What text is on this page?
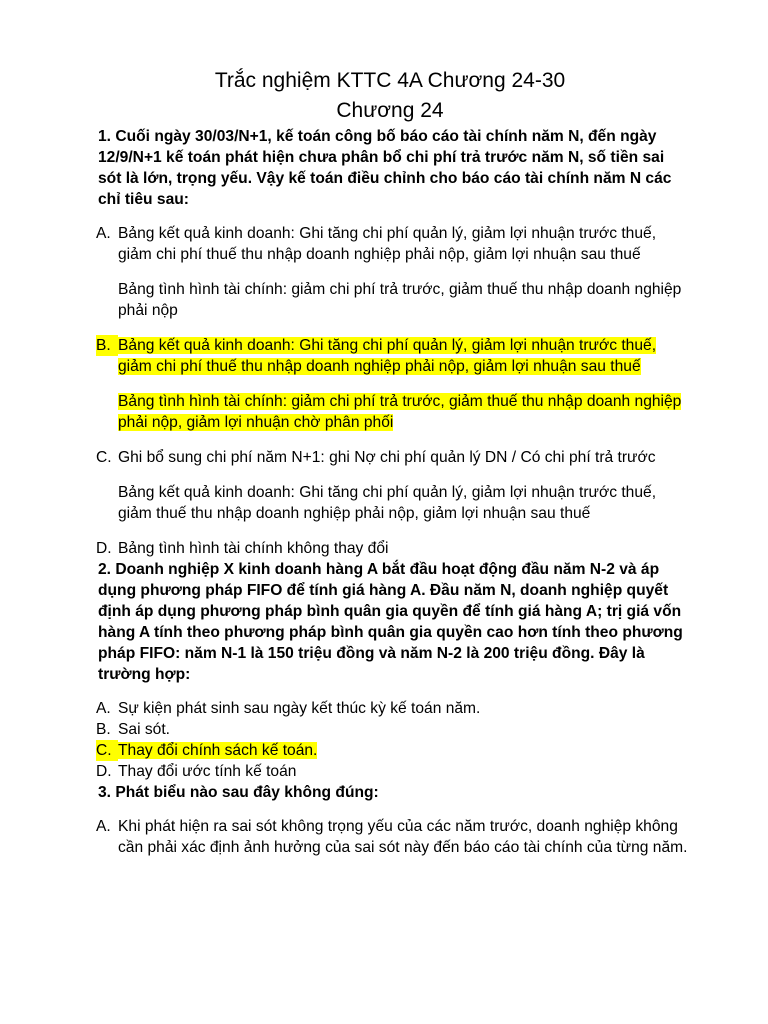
Trắc nghiệm KTTC 4A Chương 24-30
Chương 24

1. Cuối ngày 30/03/N+1, kế toán công bố báo cáo tài chính năm N, đến ngày 12/9/N+1 kế toán phát hiện chưa phân bổ chi phí trả trước năm N, số tiền sai sót là lớn, trọng yếu. Vậy kế toán điều chỉnh cho báo cáo tài chính năm N các chỉ tiêu sau:

A. Bảng kết quả kinh doanh: Ghi tăng chi phí quản lý, giảm lợi nhuận trước thuế, giảm chi phí thuế thu nhập doanh nghiệp phải nộp, giảm lợi nhuận sau thuế
Bảng tình hình tài chính: giảm chi phí trả trước, giảm thuế thu nhập doanh nghiệp phải nộp
B. Bảng kết quả kinh doanh: Ghi tăng chi phí quản lý, giảm lợi nhuận trước thuế, giảm chi phí thuế thu nhập doanh nghiệp phải nộp, giảm lợi nhuận sau thuế
Bảng tình hình tài chính: giảm chi phí trả trước, giảm thuế thu nhập doanh nghiệp phải nộp, giảm lợi nhuận chờ phân phối
C. Ghi bổ sung chi phí năm N+1: ghi Nợ chi phí quản lý DN / Có chi phí trả trước
Bảng kết quả kinh doanh: Ghi tăng chi phí quản lý, giảm lợi nhuận trước thuế, giảm thuế thu nhập doanh nghiệp phải nộp, giảm lợi nhuận sau thuế
D. Bảng tình hình tài chính không thay đổi

2. Doanh nghiệp X kinh doanh hàng A bắt đầu hoạt động đầu năm N-2 và áp dụng phương pháp FIFO để tính giá hàng A. Đầu năm N, doanh nghiệp quyết định áp dụng phương pháp bình quân gia quyền để tính giá hàng A; trị giá vốn hàng A tính theo phương pháp bình quân gia quyền cao hơn tính theo phương pháp FIFO: năm N-1 là 150 triệu đồng và năm N-2 là 200 triệu đồng. Đây là trường hợp:

A. Sự kiện phát sinh sau ngày kết thúc kỳ kế toán năm.
B. Sai sót.
C. Thay đổi chính sách kế toán.
D. Thay đổi ước tính kế toán

3. Phát biểu nào sau đây không đúng:

A. Khi phát hiện ra sai sót không trọng yếu của các năm trước, doanh nghiệp không cần phải xác định ảnh hưởng của sai sót này đến báo cáo tài chính của từng năm.
